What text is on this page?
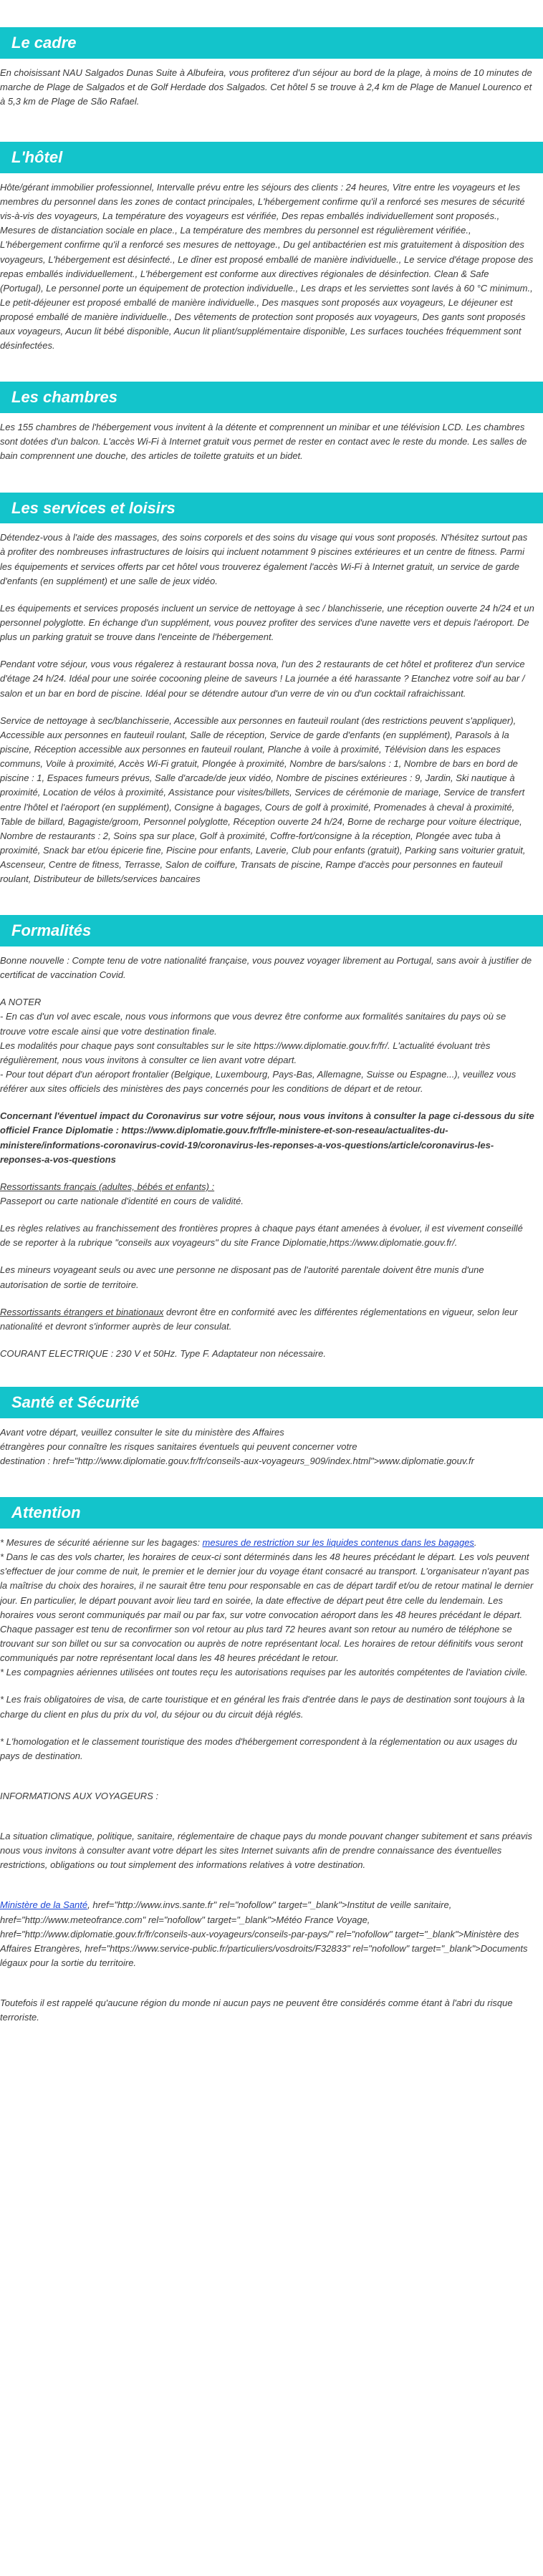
Le cadre

En choisissant NAU Salgados Dunas Suite à Albufeira, vous profiterez d'un séjour au bord de la plage, à moins de 10 minutes de marche de Plage de Salgados et de Golf Herdade dos Salgados. Cet hôtel 5 se trouve à 2,4 km de Plage de Manuel Lourenco et à 5,3 km de Plage de São Rafael.

L'hôtel

Hôte/gérant immobilier professionnel, Intervalle prévu entre les séjours des clients : 24 heures, Vitre entre les voyageurs et les membres du personnel dans les zones de contact principales, L'hébergement confirme qu'il a renforcé ses mesures de sécurité vis-à-vis des voyageurs, La température des voyageurs est vérifiée, Des repas emballés individuellement sont proposés., Mesures de distanciation sociale en place., La température des membres du personnel est régulièrement vérifiée., L'hébergement confirme qu'il a renforcé ses mesures de nettoyage., Du gel antibactérien est mis gratuitement à disposition des voyageurs, L'hébergement est désinfecté., Le dîner est proposé emballé de manière individuelle., Le service d'étage propose des repas emballés individuellement., L'hébergement est conforme aux directives régionales de désinfection. Clean & Safe (Portugal), Le personnel porte un équipement de protection individuelle., Les draps et les serviettes sont lavés à 60 °C minimum., Le petit-déjeuner est proposé emballé de manière individuelle., Des masques sont proposés aux voyageurs, Le déjeuner est proposé emballé de manière individuelle., Des vêtements de protection sont proposés aux voyageurs, Des gants sont proposés aux voyageurs, Aucun lit bébé disponible, Aucun lit pliant/supplémentaire disponible, Les surfaces touchées fréquemment sont désinfectées.

Les chambres

Les 155 chambres de l'hébergement vous invitent à la détente et comprennent un minibar et une télévision LCD. Les chambres sont dotées d'un balcon. L'accès Wi-Fi à Internet gratuit vous permet de rester en contact avec le reste du monde. Les salles de bain comprennent une douche, des articles de toilette gratuits et un bidet.

Les services et loisirs

Détendez-vous à l'aide des massages, des soins corporels et des soins du visage qui vous sont proposés. N'hésitez surtout pas à profiter des nombreuses infrastructures de loisirs qui incluent notamment 9 piscines extérieures et un centre de fitness. Parmi les équipements et services offerts par cet hôtel vous trouverez également l'accès Wi-Fi à Internet gratuit, un service de garde d'enfants (en supplément) et une salle de jeux vidéo.

Les équipements et services proposés incluent un service de nettoyage à sec / blanchisserie, une réception ouverte 24 h/24 et un personnel polyglotte. En échange d'un supplément, vous pouvez profiter des services d'une navette vers et depuis l'aéroport. De plus un parking gratuit se trouve dans l'enceinte de l'hébergement.

Pendant votre séjour, vous vous régalerez à restaurant bossa nova, l'un des 2 restaurants de cet hôtel et profiterez d'un service d'étage 24 h/24. Idéal pour une soirée cocooning pleine de saveurs ! La journée a été harassante ? Etanchez votre soif au bar / salon et un bar en bord de piscine. Idéal pour se détendre autour d'un verre de vin ou d'un cocktail rafraichissant.

Service de nettoyage à sec/blanchisserie, Accessible aux personnes en fauteuil roulant (des restrictions peuvent s'appliquer), Accessible aux personnes en fauteuil roulant, Salle de réception, Service de garde d'enfants (en supplément), Parasols à la piscine, Réception accessible aux personnes en fauteuil roulant, Planche à voile à proximité, Télévision dans les espaces communs, Voile à proximité, Accès Wi-Fi gratuit, Plongée à proximité, Nombre de bars/salons : 1, Nombre de bars en bord de piscine : 1, Espaces fumeurs prévus, Salle d'arcade/de jeux vidéo, Nombre de piscines extérieures : 9, Jardin, Ski nautique à proximité, Location de vélos à proximité, Assistance pour visites/billets, Services de cérémonie de mariage, Service de transfert entre l'hôtel et l'aéroport (en supplément), Consigne à bagages, Cours de golf à proximité, Promenades à cheval à proximité, Table de billard, Bagagiste/groom, Personnel polyglotte, Réception ouverte 24 h/24, Borne de recharge pour voiture électrique, Nombre de restaurants : 2, Soins spa sur place, Golf à proximité, Coffre-fort/consigne à la réception, Plongée avec tuba à proximité, Snack bar et/ou épicerie fine, Piscine pour enfants, Laverie, Club pour enfants (gratuit), Parking sans voiturier gratuit, Ascenseur, Centre de fitness, Terrasse, Salon de coiffure, Transats de piscine, Rampe d'accès pour personnes en fauteuil roulant, Distributeur de billets/services bancaires

Formalités

Bonne nouvelle : Compte tenu de votre nationalité française, vous pouvez voyager librement au Portugal, sans avoir à justifier de certificat de vaccination Covid.

A NOTER

- En cas d'un vol avec escale, nous vous informons que vous devrez être conforme aux formalités sanitaires du pays où se trouve votre escale ainsi que votre destination finale.

Les modalités pour chaque pays sont consultables sur le site https://www.diplomatie.gouv.fr/fr/. L'actualité évoluant très régulièrement, nous vous invitons à consulter ce lien avant votre départ.

- Pour tout départ d'un aéroport frontalier (Belgique, Luxembourg, Pays-Bas, Allemagne, Suisse ou Espagne...), veuillez vous référer aux sites officiels des ministères des pays concernés pour les conditions de départ et de retour.

Concernant l'éventuel impact du Coronavirus sur votre séjour, nous vous invitons à consulter la page ci-dessous du site officiel France Diplomatie : https://www.diplomatie.gouv.fr/fr/le-ministere-et-son-reseau/actualites-du-ministere/informations-coronavirus-covid-19/coronavirus-les-reponses-a-vos-questions/article/coronavirus-les-reponses-a-vos-questions

Ressortissants français (adultes, bébés et enfants) :

Passeport ou carte nationale d'identité en cours de validité.

Les règles relatives au franchissement des frontières propres à chaque pays étant amenées à évoluer, il est vivement conseillé de se reporter à la rubrique "conseils aux voyageurs" du site France Diplomatie,https://www.diplomatie.gouv.fr/.

Les mineurs voyageant seuls ou avec une personne ne disposant pas de l'autorité parentale doivent être munis d'une autorisation de sortie de territoire.

Ressortissants étrangers et binationaux devront être en conformité avec les différentes réglementations en vigueur, selon leur nationalité et devront s'informer auprès de leur consulat.

COURANT ELECTRIQUE : 230 V et 50Hz. Type F. Adaptateur non nécessaire.

Santé et Sécurité

Avant votre départ, veuillez consulter le site du ministère des Affaires

étrangères pour connaître les risques sanitaires éventuels qui peuvent concerner votre

destination : href="http://www.diplomatie.gouv.fr/fr/conseils-aux-voyageurs_909/index.html">www.diplomatie.gouv.fr

Attention

* Mesures de sécurité aérienne sur les bagages: mesures de restriction sur les liquides contenus dans les bagages.

* Dans le cas des vols charter, les horaires de ceux-ci sont déterminés dans les 48 heures précédant le départ. Les vols peuvent s'effectuer de jour comme de nuit, le premier et le dernier jour du voyage étant consacré au transport. L'organisateur n'ayant pas la maîtrise du choix des horaires, il ne saurait être tenu pour responsable en cas de départ tardif et/ou de retour matinal le dernier jour. En particulier, le départ pouvant avoir lieu tard en soirée, la date effective de départ peut être celle du lendemain. Les horaires vous seront communiqués par mail ou par fax, sur votre convocation aéroport dans les 48 heures précédant le départ. Chaque passager est tenu de reconfirmer son vol retour au plus tard 72 heures avant son retour au numéro de téléphone se trouvant sur son billet ou sur sa convocation ou auprès de notre représentant local. Les horaires de retour définitifs vous seront communiqués par notre représentant local dans les 48 heures précédant le retour.

* Les compagnies aériennes utilisées ont toutes reçu les autorisations requises par les autorités compétentes de l'aviation civile.

* Les frais obligatoires de visa, de carte touristique et en général les frais d'entrée dans le pays de destination sont toujours à la charge du client en plus du prix du vol, du séjour ou du circuit déjà réglés.

* L'homologation et le classement touristique des modes d'hébergement correspondent à la réglementation ou aux usages du pays de destination.

INFORMATIONS AUX VOYAGEURS :

La situation climatique, politique, sanitaire, réglementaire de chaque pays du monde pouvant changer subitement et sans préavis

nous vous invitons à consulter avant votre départ les sites Internet suivants afin de prendre connaissance des éventuelles restrictions, obligations ou tout simplement des informations relatives à votre destination.

Ministère de la Santé, href="http://www.invs.sante.fr" rel="nofollow" target="_blank">Institut de veille sanitaire, href="http://www.meteofrance.com" rel="nofollow" target="_blank">Météo France Voyage, href="http://www.diplomatie.gouv.fr/fr/conseils-aux-voyageurs/conseils-par-pays/" rel="nofollow" target="_blank">Ministère des Affaires Etrangères, href="https://www.service-public.fr/particuliers/vosdroits/F32833" rel="nofollow" target="_blank">Documents légaux pour la sortie du territoire.

Toutefois il est rappelé qu'aucune région du monde ni aucun pays ne peuvent être considérés comme étant à l'abri du risque terroriste.
